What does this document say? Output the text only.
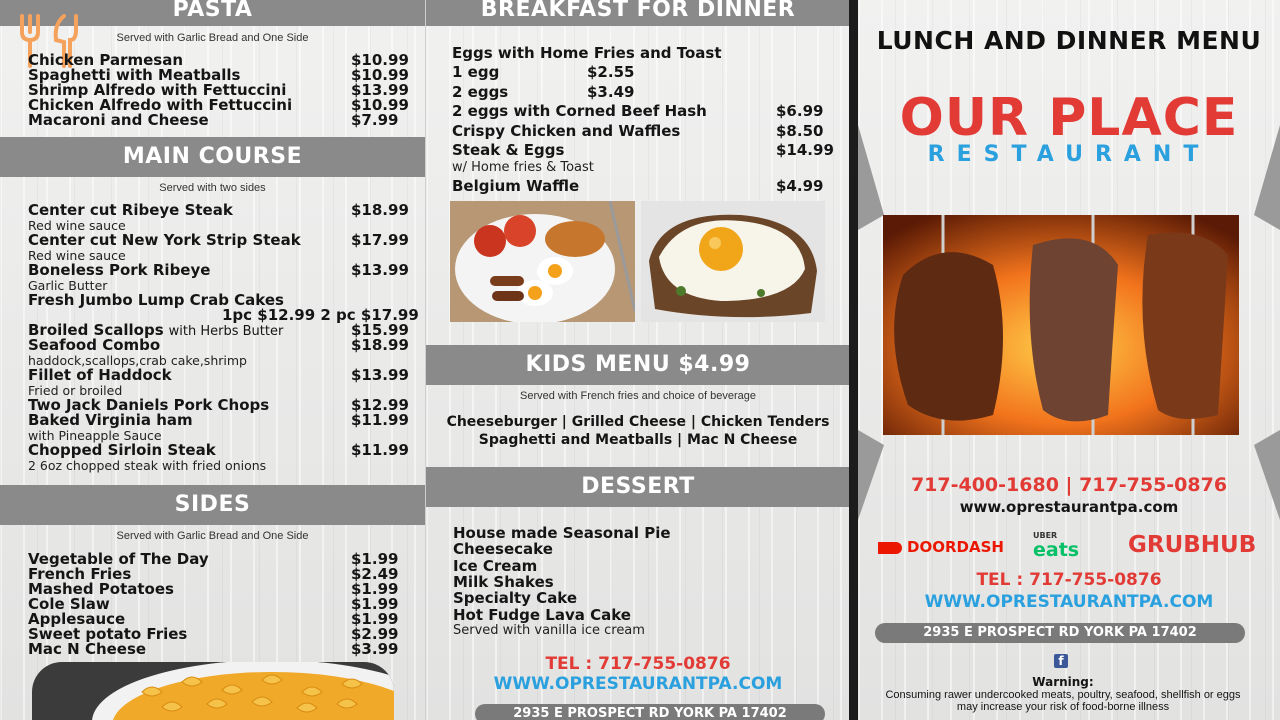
PASTA
Served with Garlic Bread and One Side
Chicken Parmesan	$10.99
Spaghetti with Meatballs	$10.99
Shrimp Alfredo with Fettuccini	$13.99
Chicken Alfredo with Fettuccini	$10.99
Macaroni and Cheese	$7.99
MAIN COURSE
Served with two sides
Center cut Ribeye Steak	$18.99
Red wine sauce
Center cut New York Strip Steak	$17.99
Red wine sauce
Boneless Pork Ribeye	$13.99
Garlic Butter
Fresh Jumbo Lump Crab Cakes
1pc $12.99 2 pc $17.99
Broiled Scallops with Herbs Butter	$15.99
Seafood Combo	$18.99
haddock,scallops,crab cake,shrimp
Fillet of Haddock	$13.99
Fried or broiled
Two Jack Daniels Pork Chops	$12.99
Baked Virginia ham	$11.99
with Pineapple Sauce
Chopped Sirloin Steak	$11.99
2 6oz chopped steak with fried onions
SIDES
Served with Garlic Bread and One Side
Vegetable of The Day	$1.99
French Fries	$2.49
Mashed Potatoes	$1.99
Cole Slaw	$1.99
Applesauce	$1.99
Sweet potato Fries	$2.99
Mac N Cheese	$3.99
BREAKFAST FOR DINNER
Eggs with Home Fries and Toast
1 egg	$2.55
2 eggs	$3.49
2 eggs with Corned Beef Hash	$6.99
Crispy Chicken and Waffles	$8.50
Steak & Eggs	$14.99
w/ Home fries & Toast
Belgium Waffle	$4.99
KIDS MENU $4.99
Served with French fries and choice of beverage
Cheeseburger | Grilled Cheese | Chicken Tenders
Spaghetti and Meatballs | Mac N Cheese
DESSERT
House made Seasonal Pie
Cheesecake
Ice Cream
Milk Shakes
Specialty Cake
Hot Fudge Lava Cake
Served with vanilla ice cream
TEL : 717-755-0876
WWW.OPRESTAURANTPA.COM
2935 E PROSPECT RD YORK PA 17402
LUNCH AND DINNER MENU
OUR PLACE
RESTAURANT
717-400-1680 | 717-755-0876
www.oprestaurantpa.com
DOORDASH
UBER
eats	GRUBHUB
TEL : 717-755-0876
WWW.OPRESTAURANTPA.COM
2935 E PROSPECT RD YORK PA 17402
f
Warning:
Consuming rawer undercooked meats, poultry, seafood, shellfish or eggs
may increase your risk of food-borne illness
